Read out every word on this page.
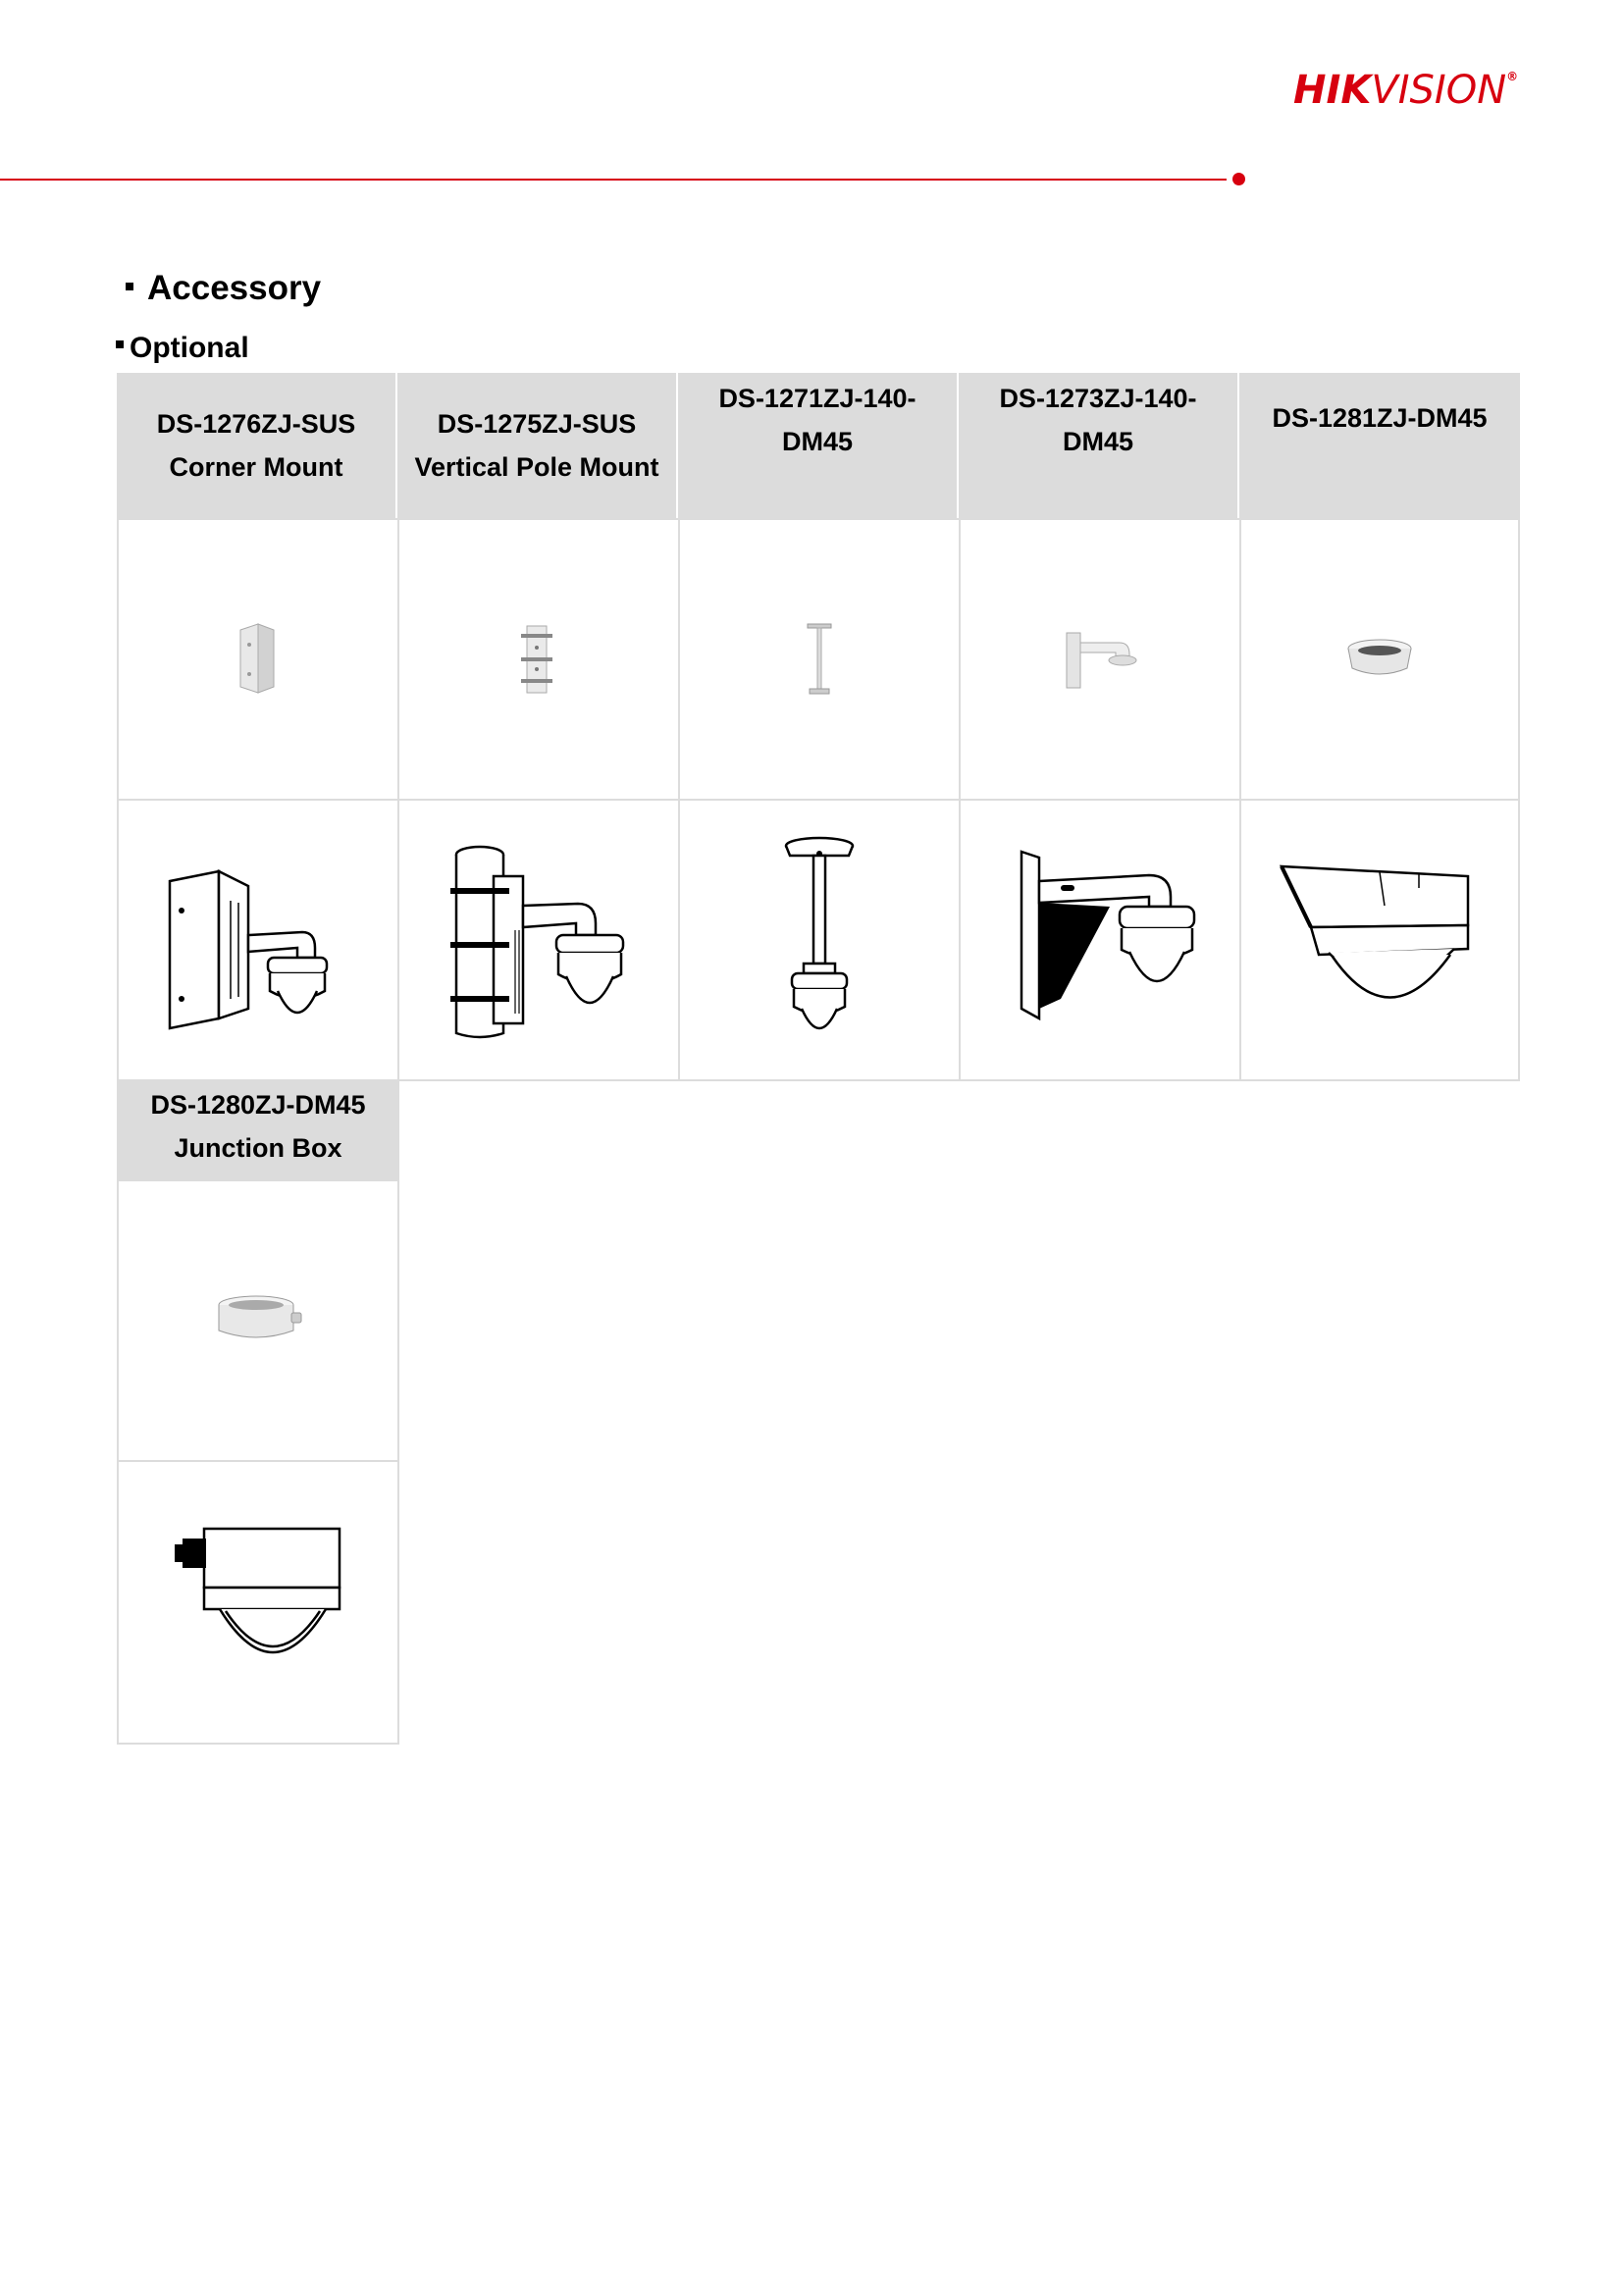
HIKVISION®
Accessory
Optional
DS-1276ZJ-SUS
Corner Mount
DS-1275ZJ-SUS
Vertical Pole Mount
DS-1271ZJ-140-
DM45
DS-1273ZJ-140-
DM45
DS-1281ZJ-DM45
DS-1280ZJ-DM45
Junction Box
